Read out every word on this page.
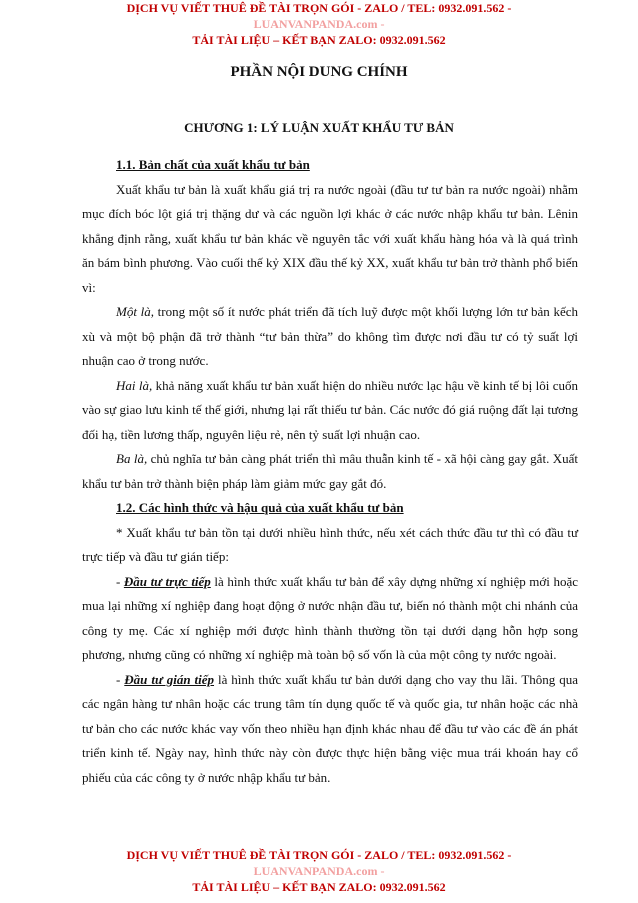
DỊCH VỤ VIẾT THUÊ ĐỀ TÀI TRỌN GÓI - ZALO / TEL: 0932.091.562 -
LUANVANPANDA.com -
TẢI TÀI LIỆU – KẾT BẠN ZALO: 0932.091.562
PHẦN NỘI DUNG CHÍNH
CHƯƠNG 1: LÝ LUẬN XUẤT KHẨU TƯ BẢN

1.1. Bản chất của xuất khẩu tư bản

Xuất khẩu tư bản là xuất khẩu giá trị ra nước ngoài (đầu tư tư bản ra nước ngoài) nhằm mục đích bóc lột giá trị thặng dư và các nguồn lợi khác ở các nước nhập khẩu tư bản. Lênin khẳng định rằng, xuất khẩu tư bản khác về nguyên tắc với xuất khẩu hàng hóa và là quá trình ăn bám bình phương. Vào cuối thế kỷ XIX đầu thế kỷ XX, xuất khẩu tư bản trở thành phổ biến vì:

Một là, trong một số ít nước phát triển đã tích luỹ được một khối lượng lớn tư bản kếch xù và một bộ phận đã trở thành “tư bản thừa” do không tìm được nơi đầu tư có tỷ suất lợi nhuận cao ở trong nước.

Hai là, khả năng xuất khẩu tư bản xuất hiện do nhiều nước lạc hậu về kinh tế bị lôi cuốn vào sự giao lưu kinh tế thế giới, nhưng lại rất thiếu tư bản. Các nước đó giá ruộng đất lại tương đối hạ, tiền lương thấp, nguyên liệu rẻ, nên tỷ suất lợi nhuận cao.

Ba là, chủ nghĩa tư bản càng phát triển thì mâu thuẫn kinh tế - xã hội càng gay gắt. Xuất khẩu tư bản trở thành biện pháp làm giảm mức gay gắt đó.

1.2. Các hình thức và hậu quả của xuất khẩu tư bản

* Xuất khẩu tư bản tồn tại dưới nhiều hình thức, nếu xét cách thức đầu tư thì có đầu tư trực tiếp và đầu tư gián tiếp:

- Đầu tư trực tiếp là hình thức xuất khẩu tư bản để xây dựng những xí nghiệp mới hoặc mua lại những xí nghiệp đang hoạt động ở nước nhận đầu tư, biến nó thành một chi nhánh của công ty mẹ. Các xí nghiệp mới được hình thành thường tồn tại dưới dạng hỗn hợp song phương, nhưng cũng có những xí nghiệp mà toàn bộ số vốn là của một công ty nước ngoài.

- Đầu tư gián tiếp là hình thức xuất khẩu tư bản dưới dạng cho vay thu lãi. Thông qua các ngân hàng tư nhân hoặc các trung tâm tín dụng quốc tế và quốc gia, tư nhân hoặc các nhà tư bản cho các nước khác vay vốn theo nhiều hạn định khác nhau để đầu tư vào các đề án phát triển kinh tế. Ngày nay, hình thức này còn được thực hiện bằng việc mua trái khoán hay cổ phiếu của các công ty ở nước nhập khẩu tư bản.

DỊCH VỤ VIẾT THUÊ ĐỀ TÀI TRỌN GÓI - ZALO / TEL: 0932.091.562 -
LUANVANPANDA.com -
TẢI TÀI LIỆU – KẾT BẠN ZALO: 0932.091.562
